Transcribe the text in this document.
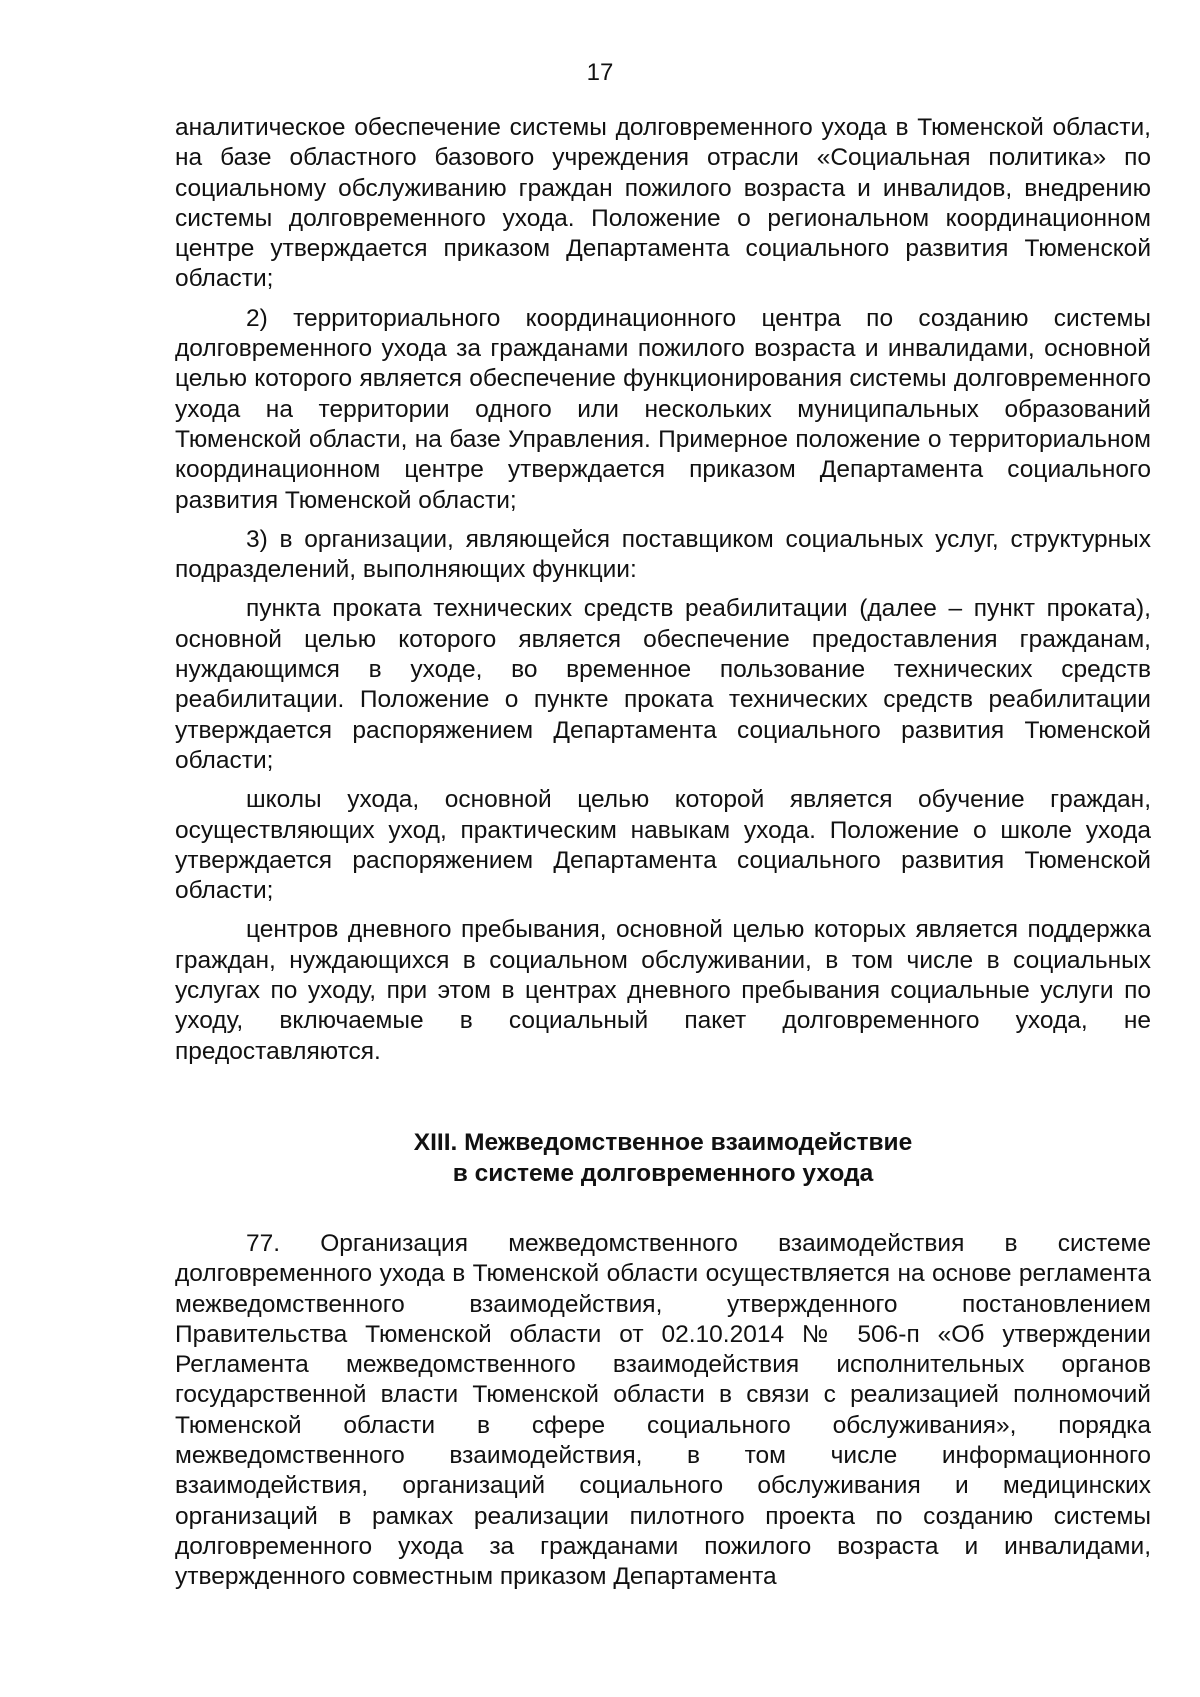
17

аналитическое обеспечение системы долговременного ухода в Тюменской области, на базе областного базового учреждения отрасли «Социальная политика» по социальному обслуживанию граждан пожилого возраста и инвалидов, внедрению системы долговременного ухода. Положение о региональном координационном центре утверждается приказом Департамента социального развития Тюменской области;

2) территориального координационного центра по созданию системы долговременного ухода за гражданами пожилого возраста и инвалидами, основной целью которого является обеспечение функционирования системы долговременного ухода на территории одного или нескольких муниципальных образований Тюменской области, на базе Управления. Примерное положение о территориальном координационном центре утверждается приказом Департамента социального развития Тюменской области;

3) в организации, являющейся поставщиком социальных услуг, структурных подразделений, выполняющих функции:

пункта проката технических средств реабилитации (далее – пункт проката), основной целью которого является обеспечение предоставления гражданам, нуждающимся в уходе, во временное пользование технических средств реабилитации. Положение о пункте проката технических средств реабилитации утверждается распоряжением Департамента социального развития Тюменской области;

школы ухода, основной целью которой является обучение граждан, осуществляющих уход, практическим навыкам ухода. Положение о школе ухода утверждается распоряжением Департамента социального развития Тюменской области;

центров дневного пребывания, основной целью которых является поддержка граждан, нуждающихся в социальном обслуживании, в том числе в социальных услугах по уходу, при этом в центрах дневного пребывания социальные услуги по уходу, включаемые в социальный пакет долговременного ухода, не предоставляются.

XIII. Межведомственное взаимодействие
в системе долговременного ухода

77. Организация межведомственного взаимодействия в системе долговременного ухода в Тюменской области осуществляется на основе регламента межведомственного взаимодействия, утвержденного постановлением Правительства Тюменской области от 02.10.2014 № 506-п «Об утверждении Регламента межведомственного взаимодействия исполнительных органов государственной власти Тюменской области в связи с реализацией полномочий Тюменской области в сфере социального обслуживания», порядка межведомственного взаимодействия, в том числе информационного взаимодействия, организаций социального обслуживания и медицинских организаций в рамках реализации пилотного проекта по созданию системы долговременного ухода за гражданами пожилого возраста и инвалидами, утвержденного совместным приказом Департамента
